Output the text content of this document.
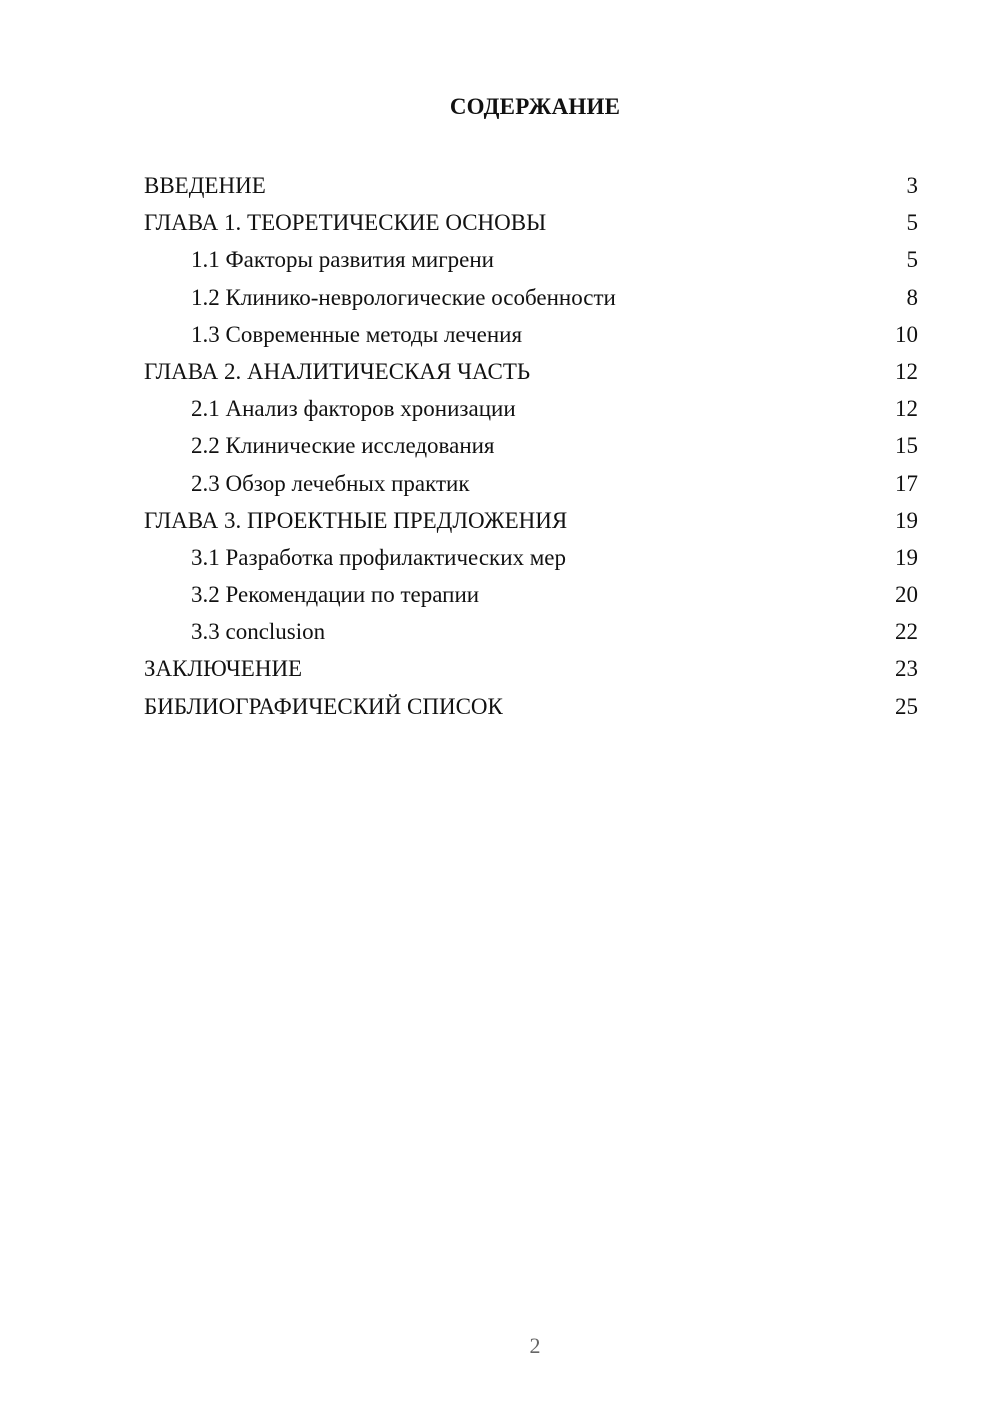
СОДЕРЖАНИЕ
ВВЕДЕНИЕ	3
ГЛАВА 1. ТЕОРЕТИЧЕСКИЕ ОСНОВЫ	5
1.1 Факторы развития мигрени	5
1.2 Клинико-неврологические особенности	8
1.3 Современные методы лечения	10
ГЛАВА 2. АНАЛИТИЧЕСКАЯ ЧАСТЬ	12
2.1 Анализ факторов хронизации	12
2.2 Клинические исследования	15
2.3 Обзор лечебных практик	17
ГЛАВА 3. ПРОЕКТНЫЕ ПРЕДЛОЖЕНИЯ	19
3.1 Разработка профилактических мер	19
3.2 Рекомендации по терапии	20
3.3 conclusion	22
ЗАКЛЮЧЕНИЕ	23
БИБЛИОГРАФИЧЕСКИЙ СПИСОК	25
2
